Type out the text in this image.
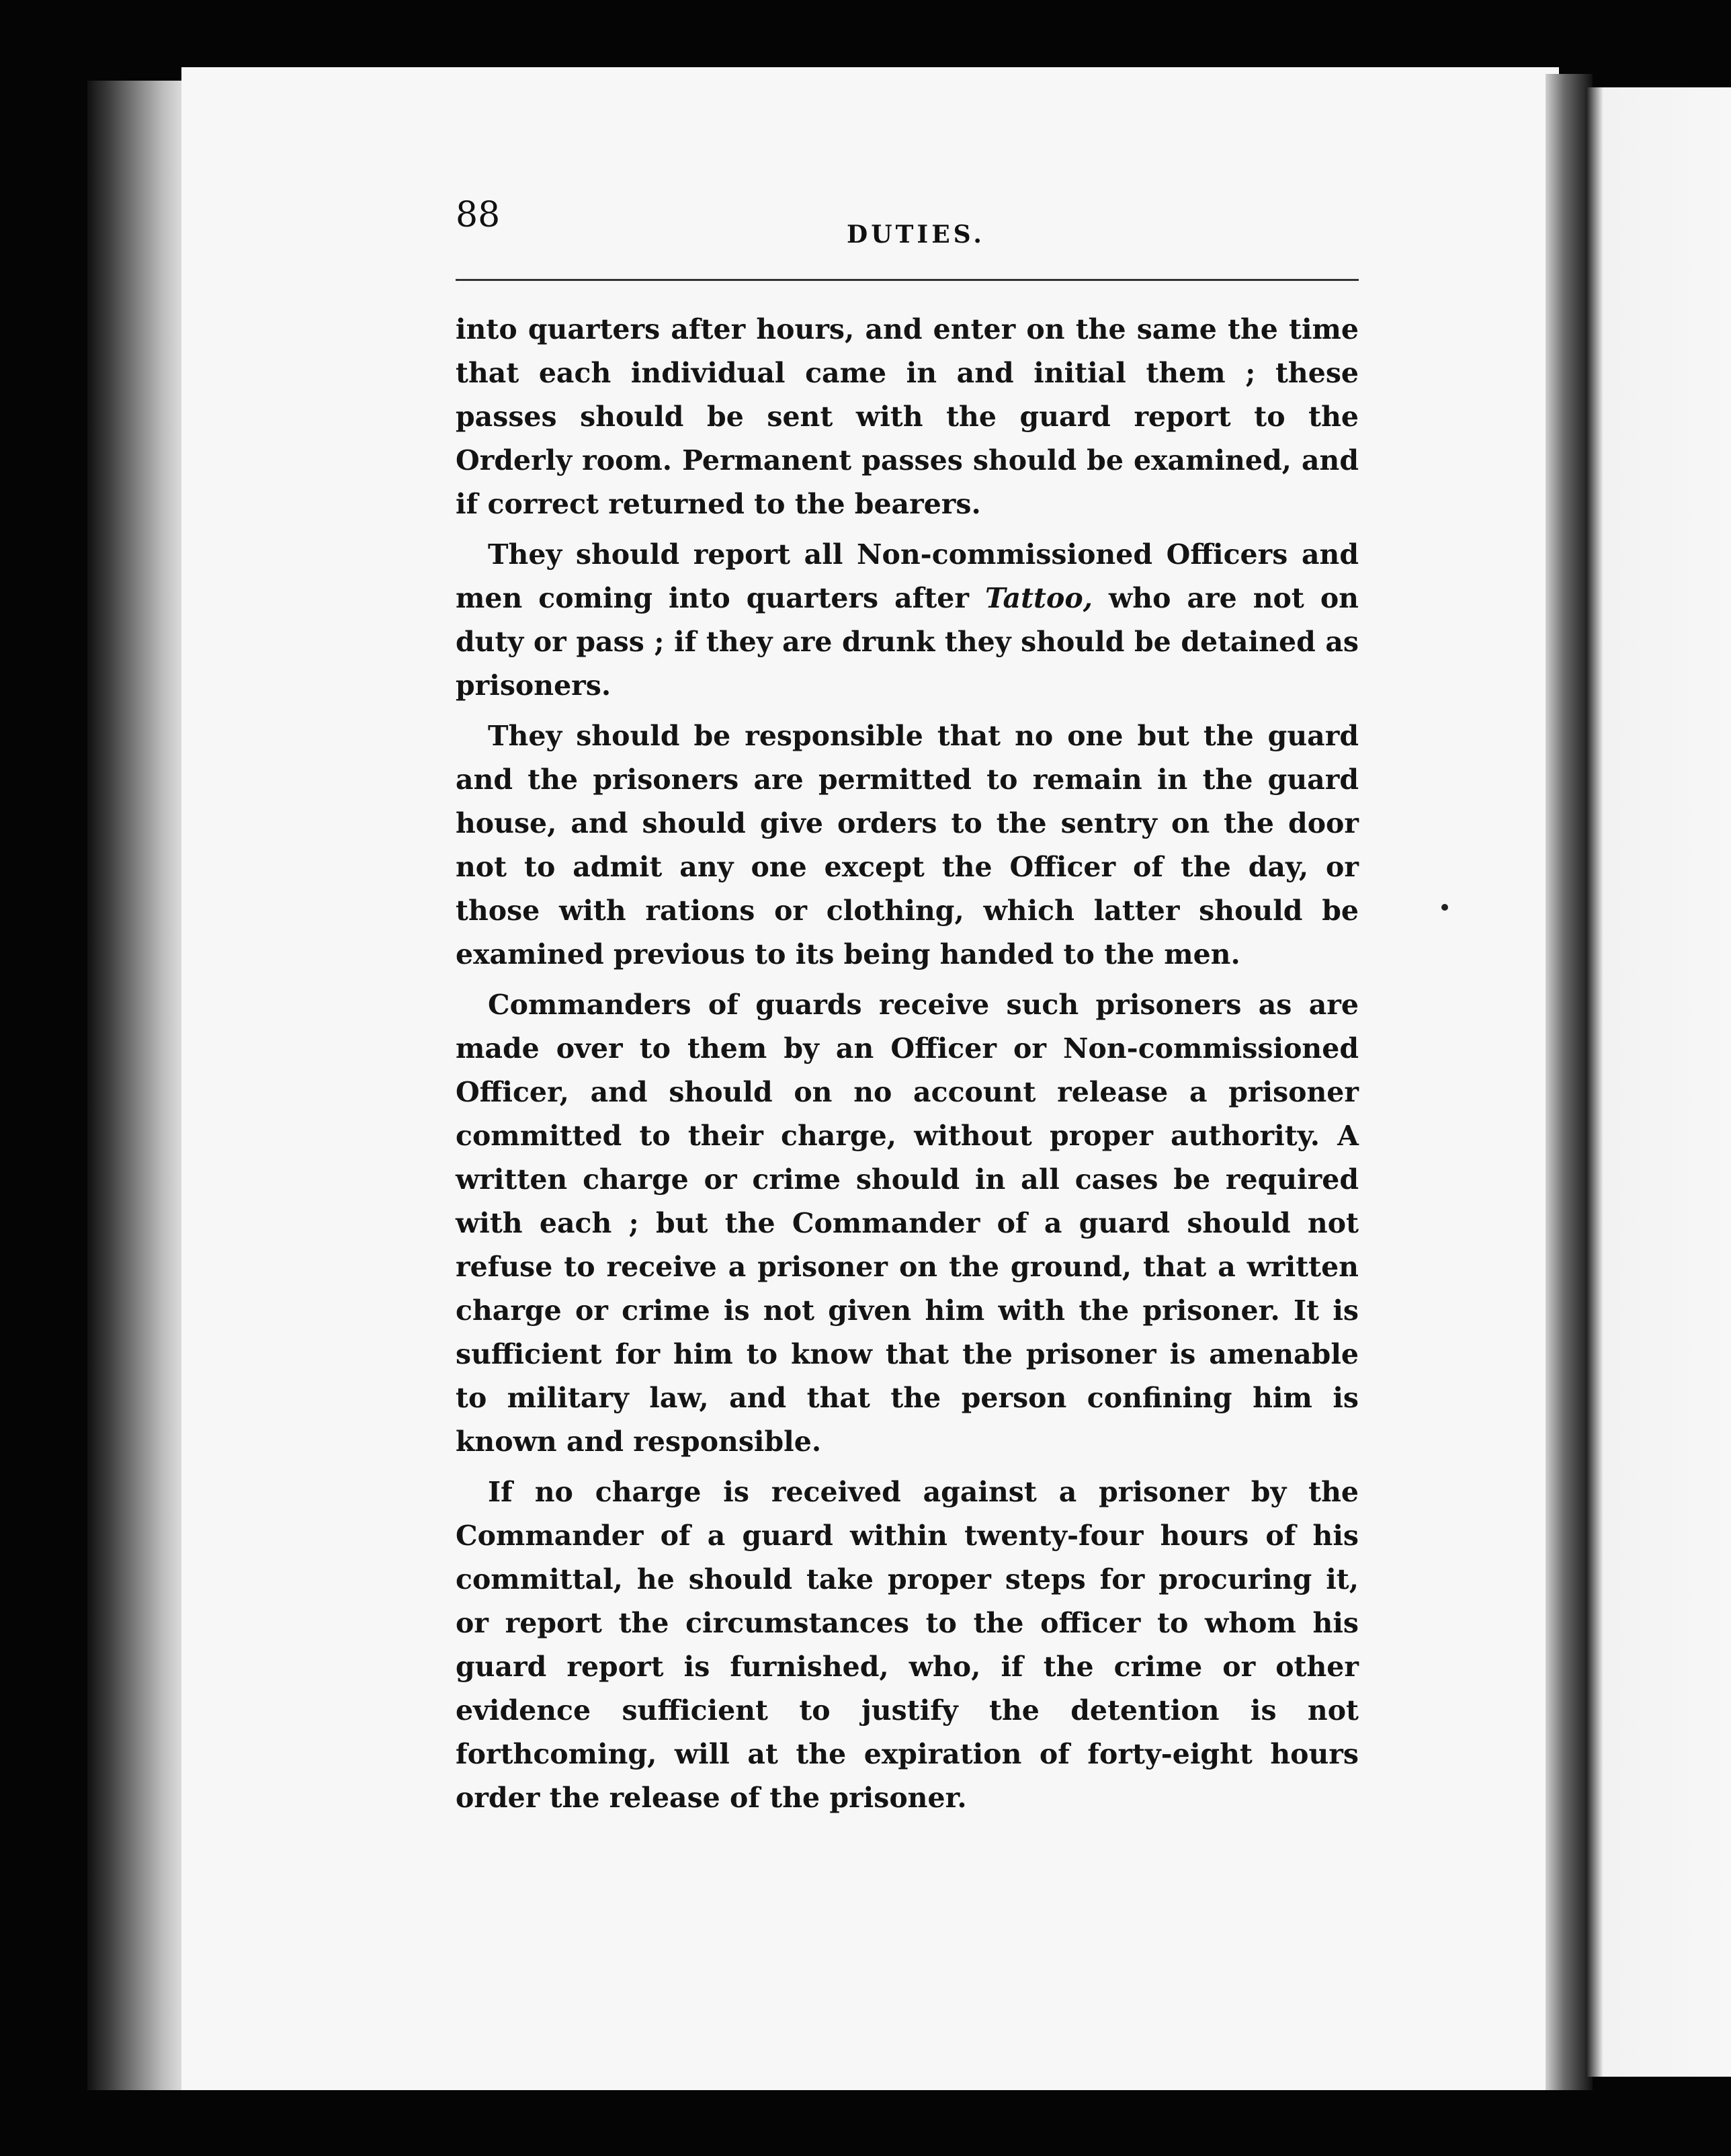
88	DUTIES.

into quarters after hours, and enter on the same the time that each individual came in and initial them ; these passes should be sent with the guard report to the Orderly room. Permanent passes should be examined, and if correct returned to the bearers.

They should report all Non-commissioned Officers and men coming into quarters after Tattoo, who are not on duty or pass ; if they are drunk they should be detained as prisoners.

They should be responsible that no one but the guard and the prisoners are permitted to remain in the guard house, and should give orders to the sentry on the door not to admit any one except the Officer of the day, or those with rations or clothing, which latter should be examined previous to its being handed to the men.

Commanders of guards receive such prisoners as are made over to them by an Officer or Non-commissioned Officer, and should on no account release a prisoner committed to their charge, without proper authority. A written charge or crime should in all cases be required with each ; but the Commander of a guard should not refuse to receive a prisoner on the ground, that a written charge or crime is not given him with the prisoner. It is sufficient for him to know that the prisoner is amenable to military law, and that the person confining him is known and responsible.

If no charge is received against a prisoner by the Commander of a guard within twenty-four hours of his committal, he should take proper steps for procuring it, or report the circumstances to the officer to whom his guard report is furnished, who, if the crime or other evidence sufficient to justify the detention is not forthcoming, will at the expiration of forty-eight hours order the release of the prisoner.
